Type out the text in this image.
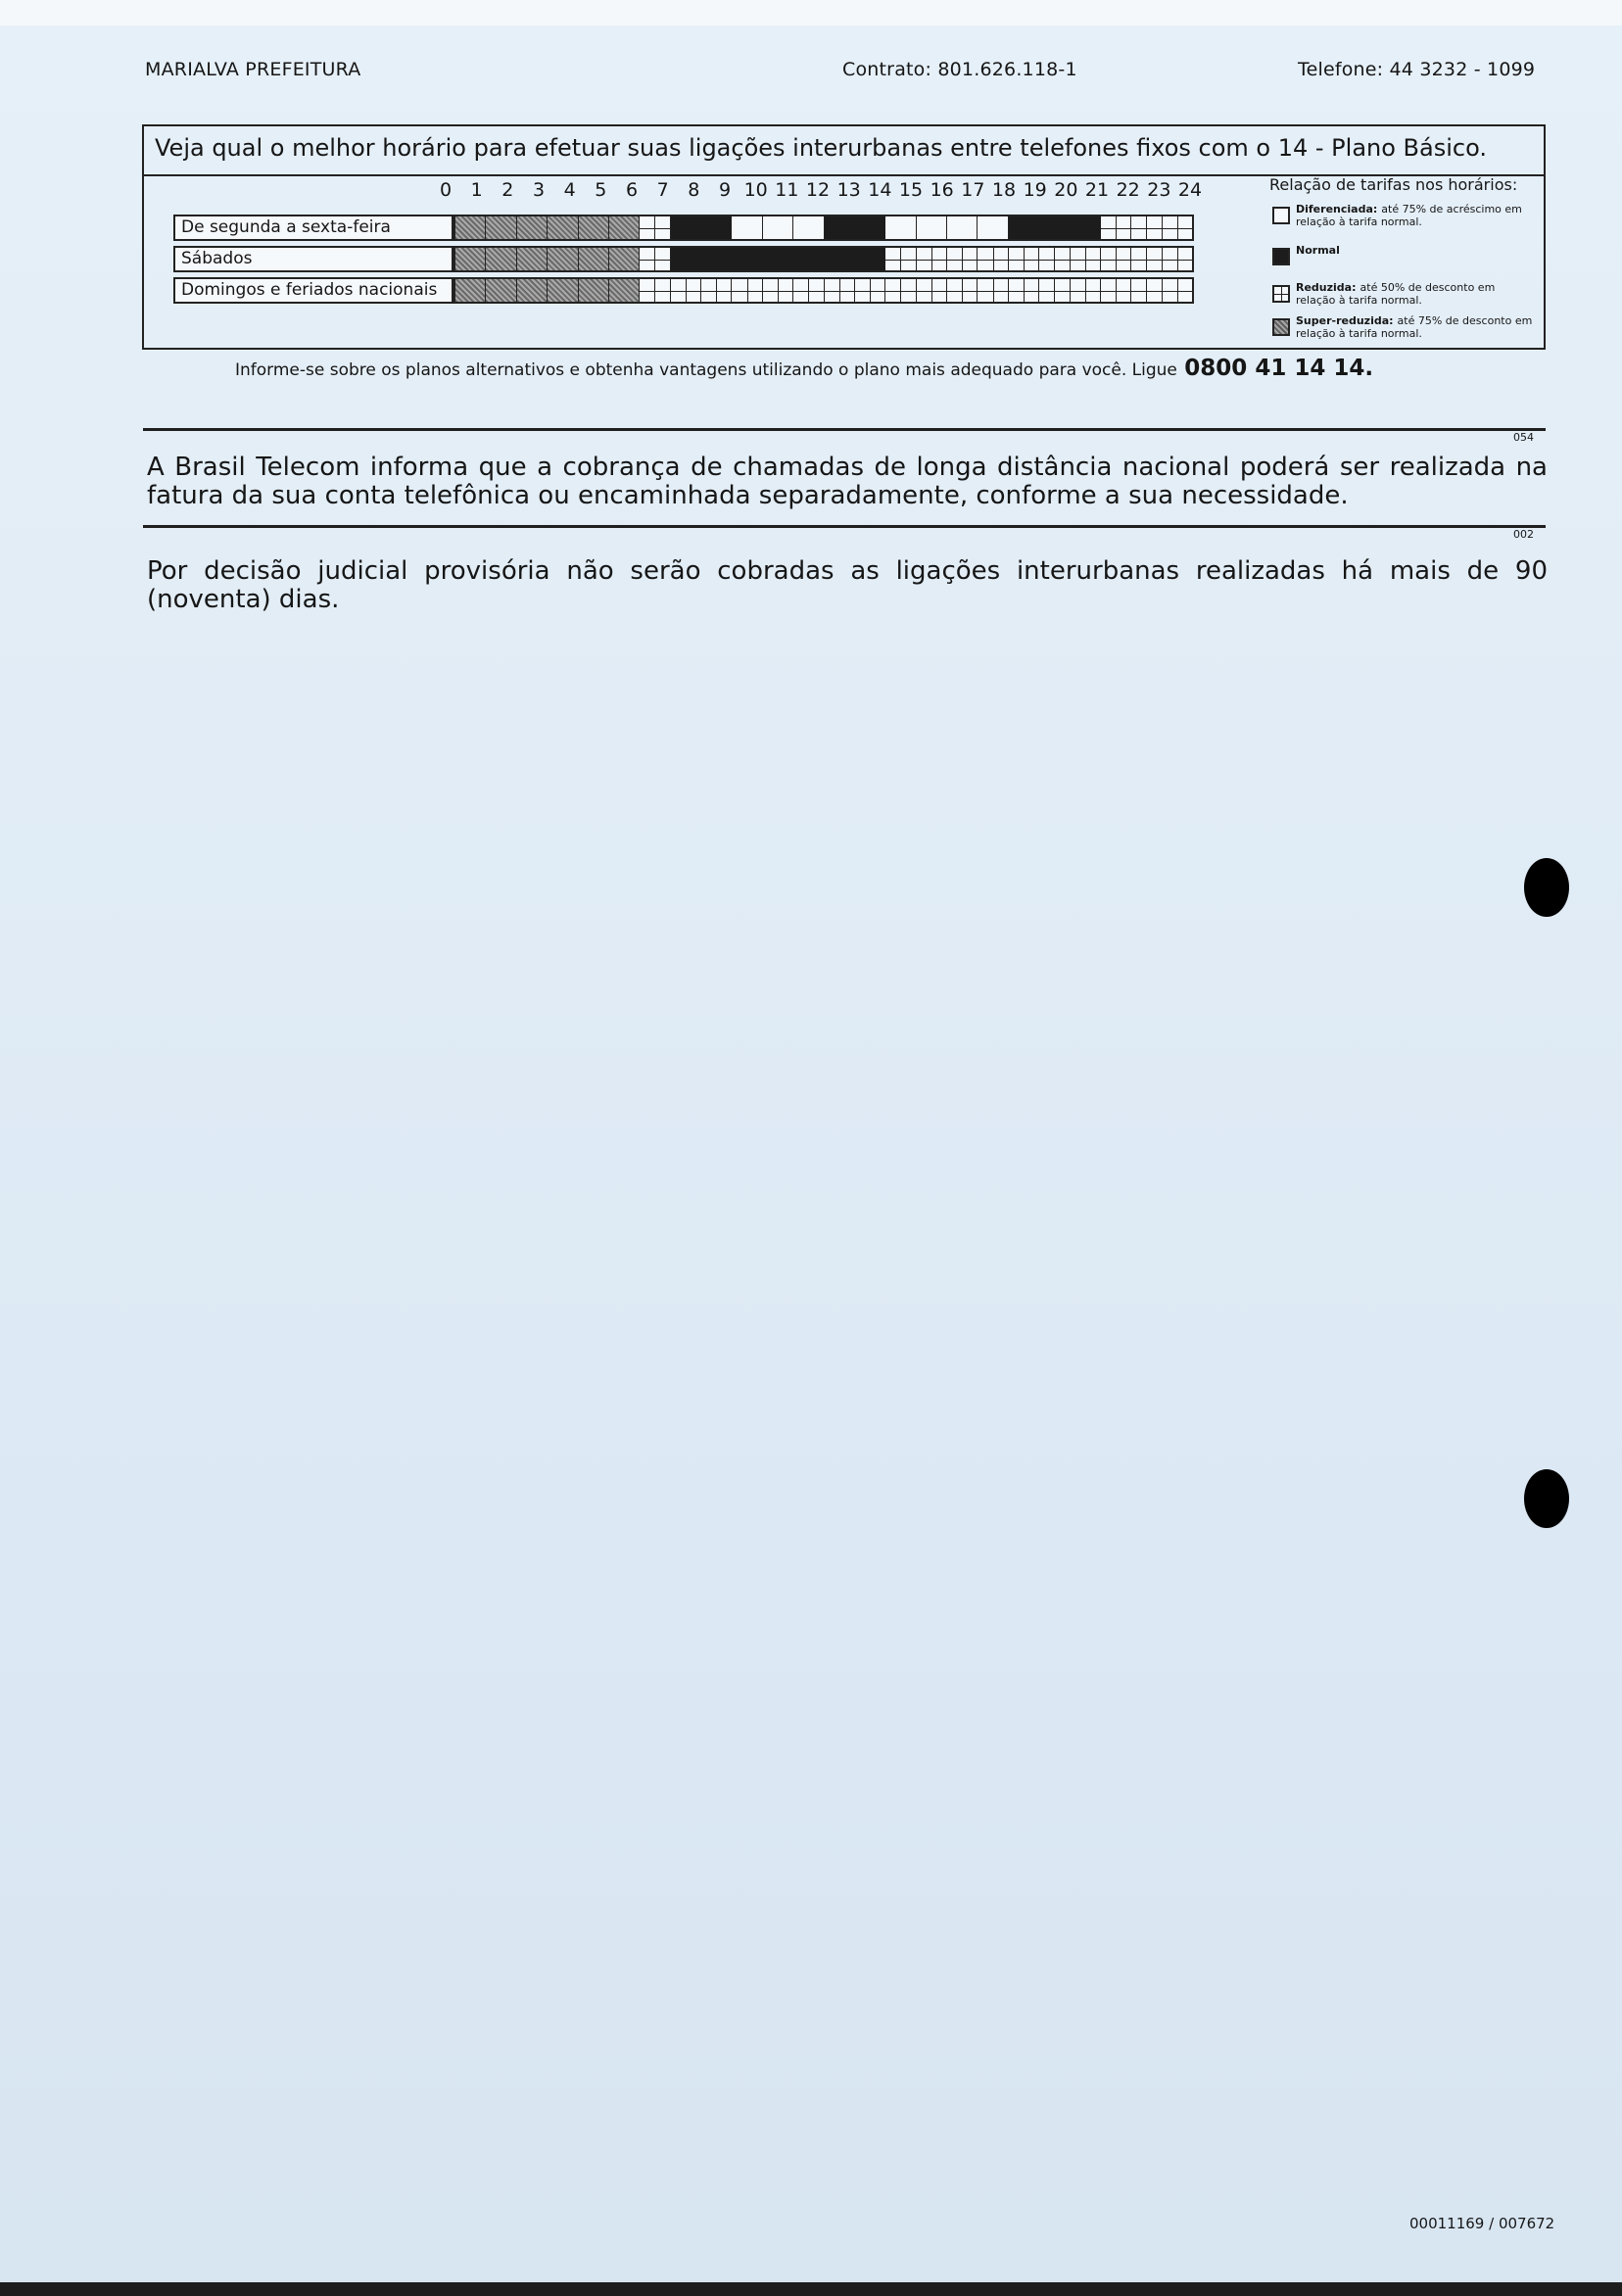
MARIALVA PREFEITURA	Contrato: 801.626.118-1	Telefone: 44 3232 - 1099
Veja qual o melhor horário para efetuar suas ligações interurbanas entre telefones fixos com o 14 - Plano Básico.
0	1	2	3	4	5	6	7	8	9 10 11 12 13 14 15 16 17 18 19 20 21 22 23 24
De segunda a sexta-feira
Sábados
Domingos e feriados nacionais
Relação de tarifas nos horários:
Diferenciada: até 75% de acréscimo em relação à tarifa normal.
Normal
Reduzida: até 50% de desconto em relação à tarifa normal.
Super-reduzida: até 75% de desconto em relação à tarifa normal.
Informe-se sobre os planos alternativos e obtenha vantagens utilizando o plano mais adequado para você. Ligue 0800 41 14 14.
054
A Brasil Telecom informa que a cobrança de chamadas de longa distância nacional poderá ser realizada na fatura da sua conta telefônica ou encaminhada separadamente, conforme a sua necessidade.
002
Por decisão judicial provisória não serão cobradas as ligações interurbanas realizadas há mais de 90 (noventa) dias.
00011169 / 007672
